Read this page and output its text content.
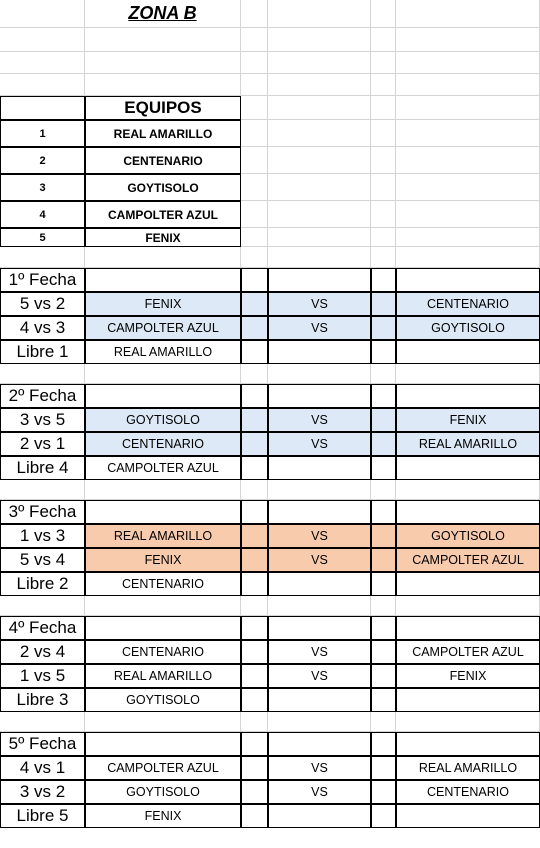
ZONA B
EQUIPOS
1	REAL AMARILLO
2	CENTENARIO
3	GOYTISOLO
4	CAMPOLTER AZUL
5	FENIX
1º Fecha
5 vs 2	FENIX	VS	CENTENARIO
4 vs 3	CAMPOLTER AZUL	VS	GOYTISOLO
Libre 1	REAL AMARILLO
2º Fecha
3 vs 5	GOYTISOLO	VS	FENIX
2 vs 1	CENTENARIO	VS	REAL AMARILLO
Libre 4	CAMPOLTER AZUL
3º Fecha
1 vs 3	REAL AMARILLO	VS	GOYTISOLO
5 vs 4	FENIX	VS	CAMPOLTER AZUL
Libre 2	CENTENARIO
4º Fecha
2 vs 4	CENTENARIO	VS	CAMPOLTER AZUL
1 vs 5	REAL AMARILLO	VS	FENIX
Libre 3	GOYTISOLO
5º Fecha
4 vs 1	CAMPOLTER AZUL	VS	REAL AMARILLO
3 vs 2	GOYTISOLO	VS	CENTENARIO
Libre 5	FENIX
